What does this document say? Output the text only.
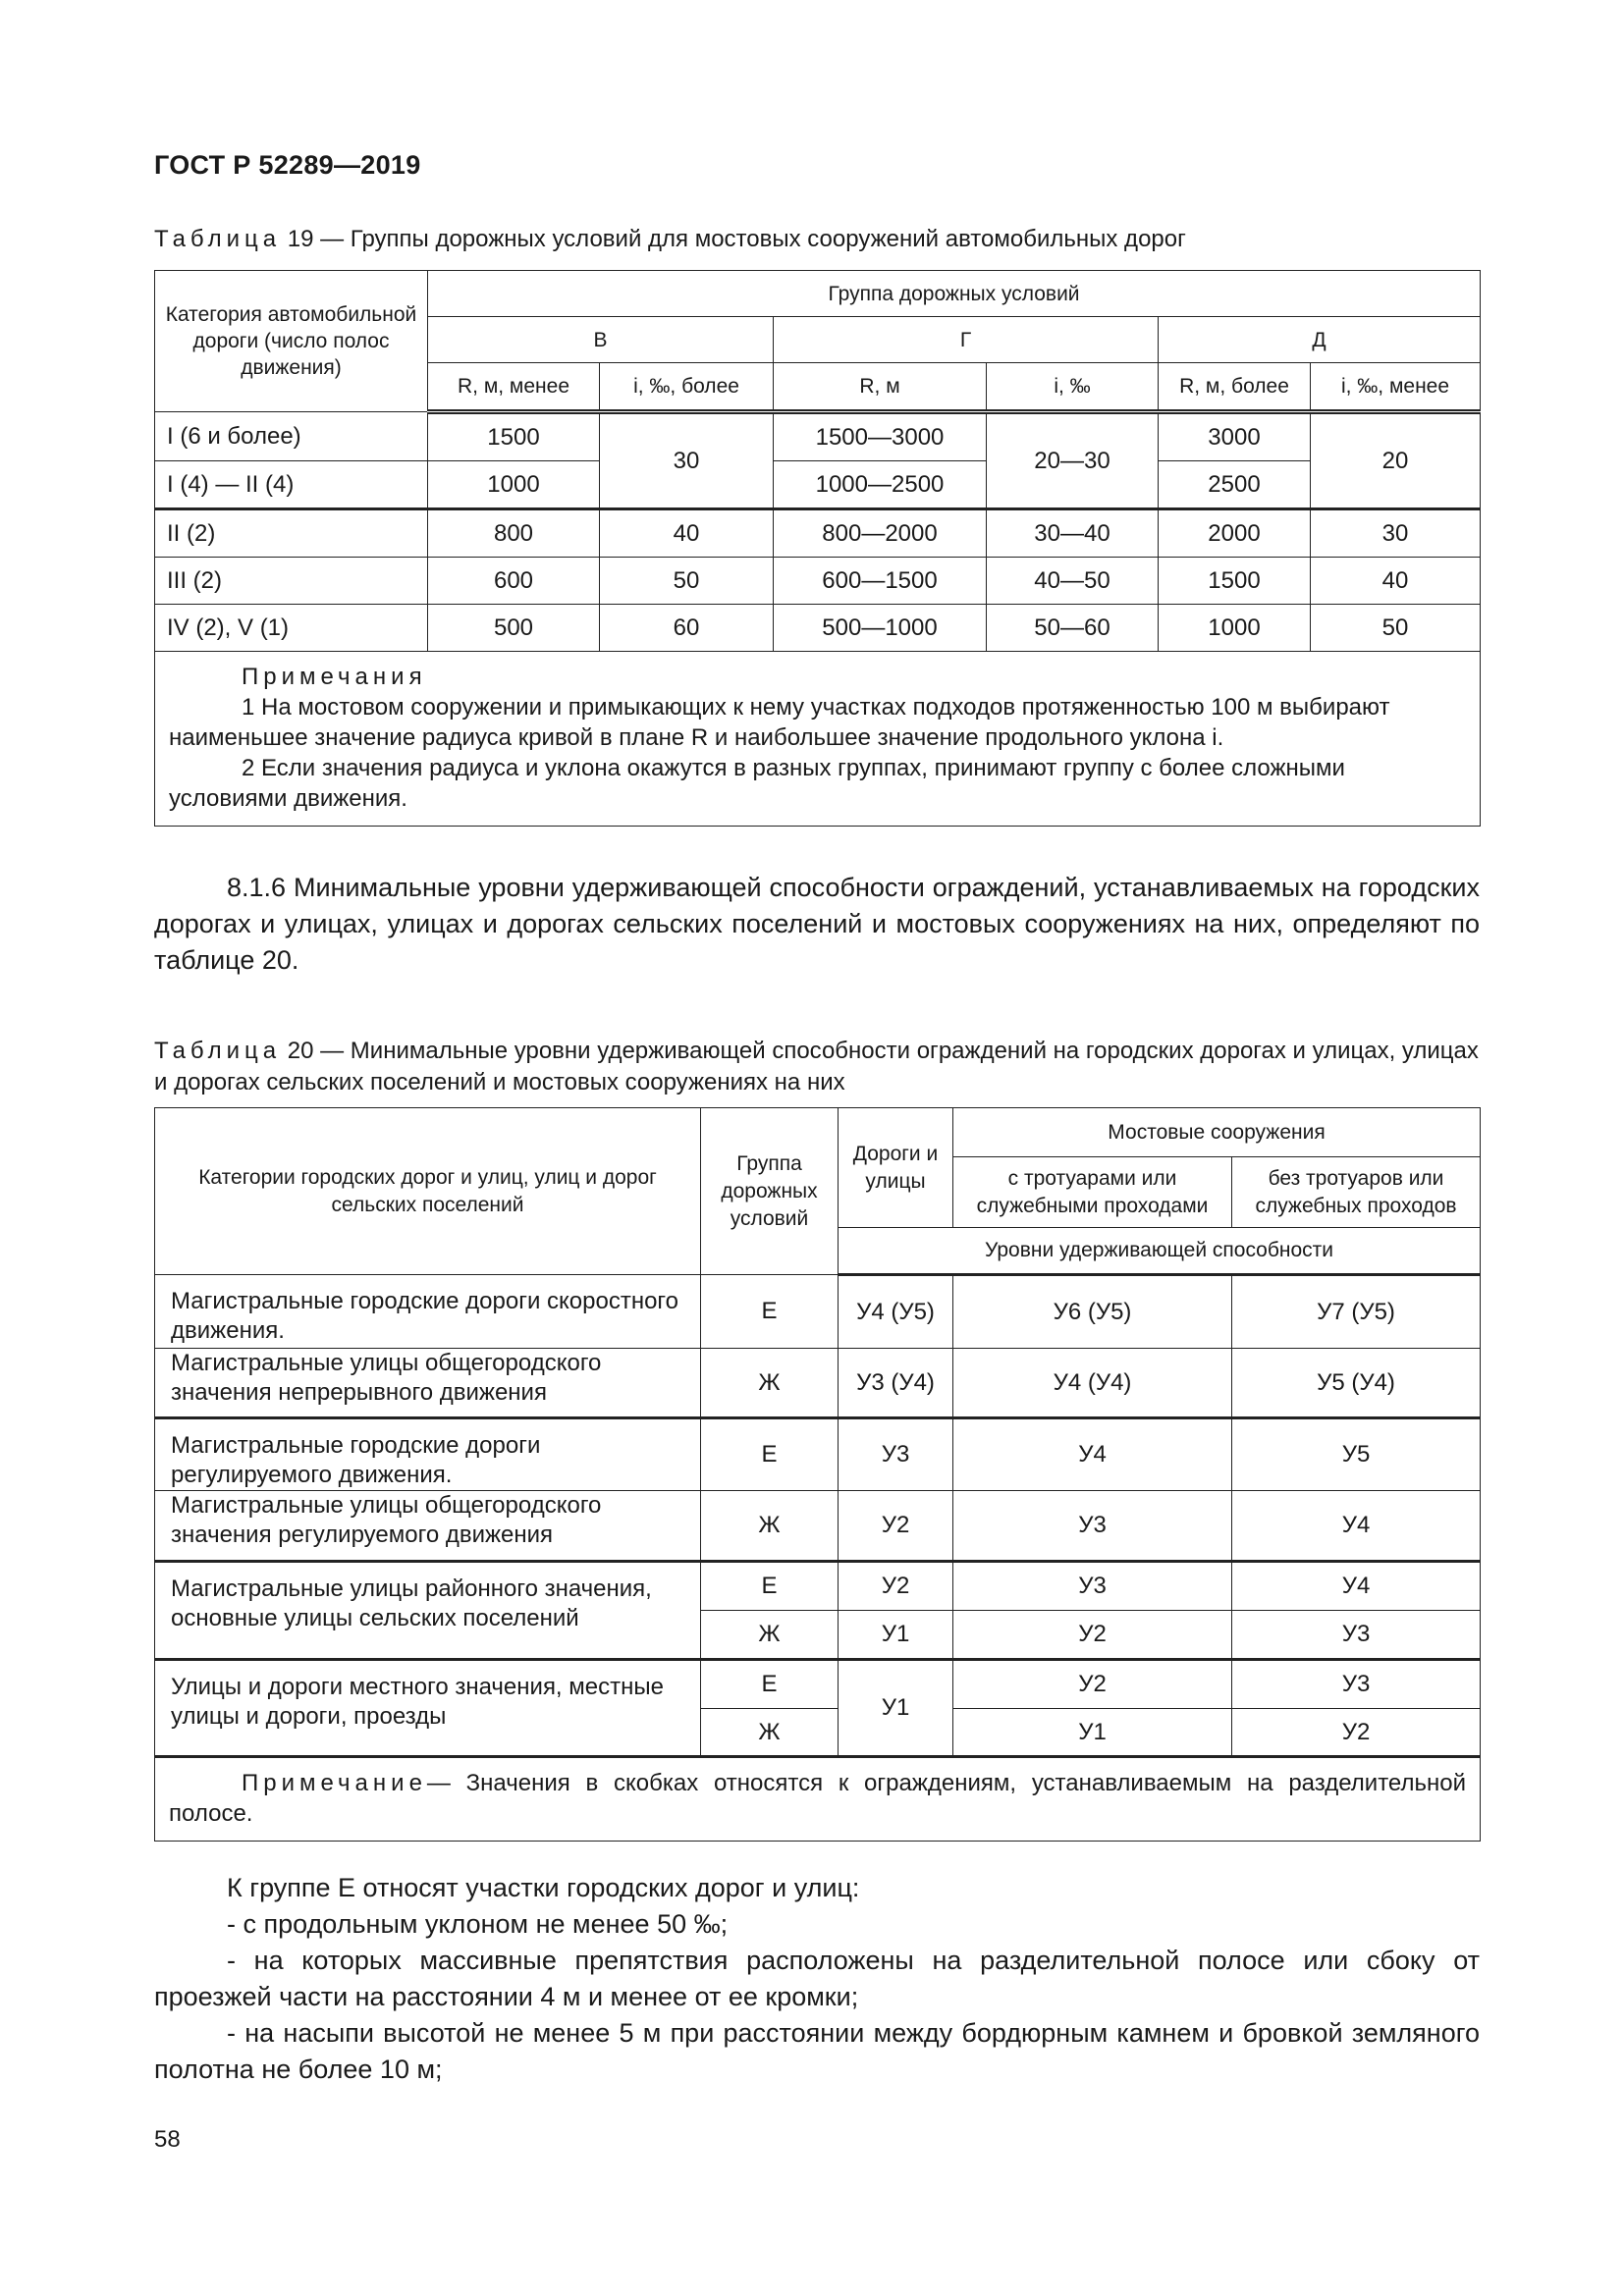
ГОСТ Р 52289—2019
Таблица 19 — Группы дорожных условий для мостовых сооружений автомобильных дорог
Категория автомобильной дороги (число полос движения)	Группа дорожных условий					
	В		Г		Д	
	R, м, менее	i, ‰, более	R, м	i, ‰	R, м, более	i, ‰, менее
I (6 и более)	1500	30	1500—3000	20—30	3000	20
I (4) — II (4)	1000		1000—2500		2500	
II (2)	800	40	800—2000	30—40	2000	30
III (2)	600	50	600—1500	40—50	1500	40
IV (2), V (1)	500	60	500—1000	50—60	1000	50

Примечания
1 На мостовом сооружении и примыкающих к нему участках подходов протяженностью 100 м выбирают наименьшее значение радиуса кривой в плане R и наибольшее значение продольного уклона i.
2 Если значения радиуса и уклона окажутся в разных группах, принимают группу с более сложными условиями движения.						
8.1.6 Минимальные уровни удерживающей способности ограждений, устанавливаемых на городских дорогах и улицах, улицах и дорогах сельских поселений и мостовых сооружениях на них, определяют по таблице 20.
Таблица 20 — Минимальные уровни удерживающей способности ограждений на городских дорогах и улицах, улицах и дорогах сельских поселений и мостовых сооружениях на них
Категории городских дорог и улиц, улиц и дорог сельских поселений	Группа дорожных условий	Дороги и улицы	Мостовые сооружения	
			с тротуарами или служебными проходами	без тротуаров или служебных проходов
		Уровни удерживающей способности		
Магистральные городские дороги скоростного движения.	Е	У4 (У5)	У6 (У5)	У7 (У5)
Магистральные улицы общегородского значения непрерывного движения	Ж	У3 (У4)	У4 (У4)	У5 (У4)
Магистральные городские дороги регулируемого движения.	Е	У3	У4	У5
Магистральные улицы общегородского значения регулируемого движения	Ж	У2	У3	У4
Магистральные улицы районного значения, основные улицы сельских поселений	Е	У2	У3	У4
	Ж	У1	У2	У3
Улицы и дороги местного значения, местные улицы и дороги, проезды	Е	У1	У2	У3
	Ж		У1	У2
Примечание— Значения в скобках относятся к ограждениям, устанавливаемым на разделительной полосе.				
К группе Е относят участки городских дорог и улиц:
- с продольным уклоном не менее 50 ‰;
- на которых массивные препятствия расположены на разделительной полосе или сбоку от проезжей части на расстоянии 4 м и менее от ее кромки;
- на насыпи высотой не менее 5 м при расстоянии между бордюрным камнем и бровкой земляного полотна не более 10 м;
58
